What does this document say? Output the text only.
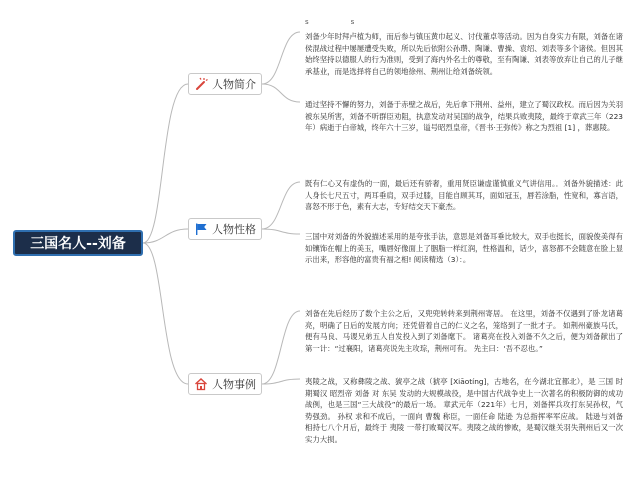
三国名人--刘备
人物简介
s	s

刘备少年时拜卢植为师，而后参与镇压黄巾起义、讨伐董卓等活动。因为自身实力有限，刘备在诸侯混战过程中屡屡遭受失败，所以先后依附公孙瓒、陶谦、曹操、袁绍、刘表等多个诸侯。但因其始终坚持以德服人的行为准则，受到了海内外名士的尊敬，至有陶谦、刘表等放弃让自己的儿子继承基业，而是选择将自己的领地徐州、荆州让给刘备统领。

通过坚持不懈的努力，刘备于赤壁之战后，先后拿下荆州、益州，建立了蜀汉政权。而后因为关羽被东吴所害，刘备不听群臣劝阻，执意发动对吴国的战争，结果兵败夷陵，最终于章武三年（223年）病逝于白帝城，终年六十三岁，谥号昭烈皇帝，《晋书·王弥传》称之为烈祖 [1] ，葬惠陵。

人物性格

既有仁心又有虚伪的一面，最后还有骄奢，重用贤臣谦虚谨慎重义气讲信用。．刘备外貌描述：此人身长七尺五寸，两耳垂肩，双手过膝，目能自顾其耳，面如冠玉，唇若涂脂，性宽和，寡言语，喜怒不形于色，素有大志，专好结交天下豪杰。

三国中对刘备的外貌描述采用的是夸张手法，意思是刘备耳垂比较大，双手也挺长，面貌俊美得有如镶饰在帽上的美玉，嘴唇好像面上了胭脂一样红润，性格温和，话少，喜怒都不会随意在脸上显示出来，形容他的富贵有福之相! 阅读精选（3）：。

人物事例

刘备在先后经历了数个主公之后，又兜兜转转来到荆州寄居。 在这里，刘备不仅遇到了卧龙诸葛亮，明确了日后的发展方向；还凭借着自己的仁义之名，笼络到了一批才子。 如荆州豪族马氏，便有马良、马谡兄弟五人自发投入到了刘备麾下。 诸葛亮在投入刘备不久之后，便为刘备献出了第一计：“过襄阳，诸葛亮说先主攻琮，荆州可有。 先主曰：‘吾不忍也。”

夷陵之战，又称彝陵之战、猇亭之战（猇亭 [Xiāotíng]，古地名，在今湖北宜都北），是 三国 时期蜀汉 昭烈帝 刘备 对 东吴 发动的大规模战役，是中国古代战争史上一次著名的积极防御的成功战例，也是三国“三大战役”的最后一场。 章武元年（221年）七月，刘备挥兵攻打东吴孙权，气势强劲。 孙权 求和不成后，一面向 曹魏 称臣，一面任命 陆逊 为总指挥率军应战。 陆逊与刘备相持七八个月后，最终于 夷陵 一带打败蜀汉军。夷陵之战的惨败，是蜀汉继关羽失荆州后又一次实力大损。
